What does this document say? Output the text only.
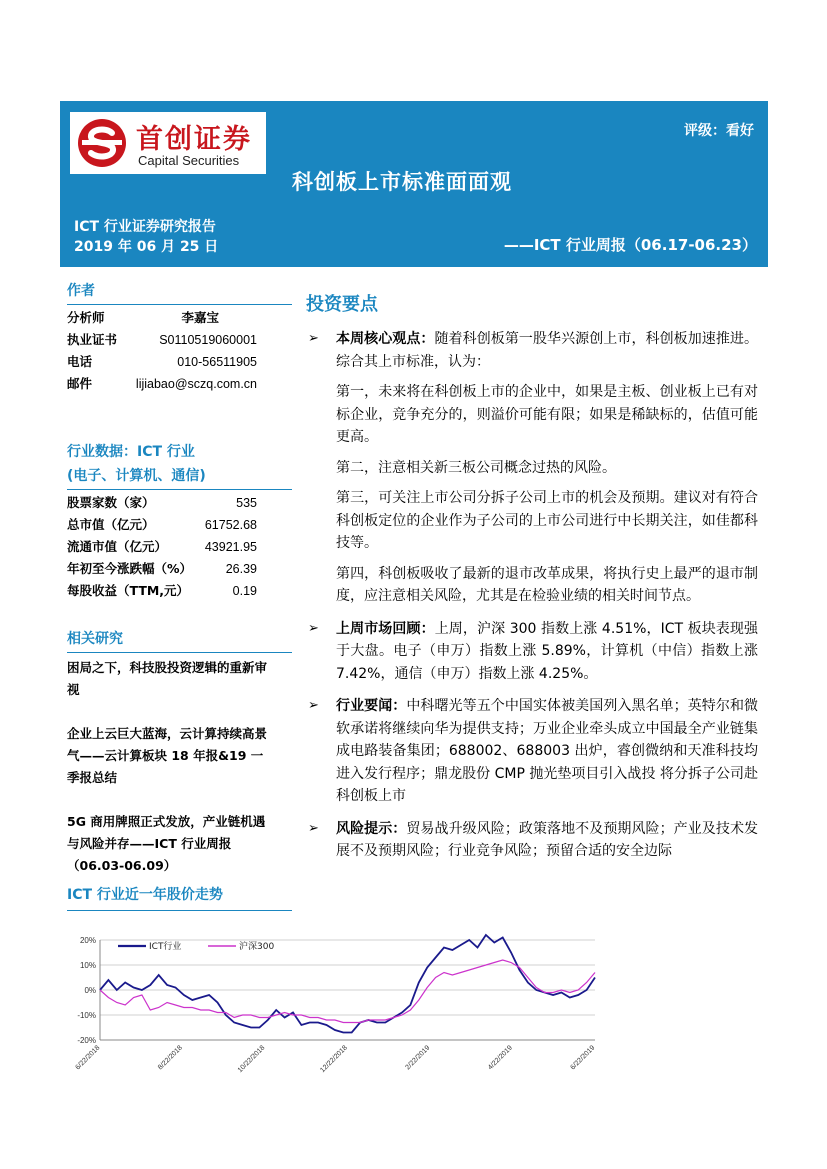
首创证券
Capital Securities
评级：看好
科创板上市标准面面观
ICT 行业证券研究报告
2019 年 06 月 25 日	——ICT 行业周报（06.17-06.23）
作者
分析师	李嘉宝
执业证书	S0110519060001
电话	010-56511905
邮件	lijiabao@sczq.com.cn
行业数据：ICT 行业
(电子、计算机、通信)
股票家数（家）	535
总市值（亿元）	61752.68
流通市值（亿元）	43921.95
年初至今涨跌幅（%）	26.39
每股收益（TTM,元）	0.19
相关研究
困局之下，科技股投资逻辑的重新审视
企业上云巨大蓝海，云计算持续高景气——云计算板块 18 年报&19 一季报总结
5G 商用牌照正式发放，产业链机遇与风险并存——ICT 行业周报（06.03-06.09）
投资要点
➢ 本周核心观点：随着科创板第一股华兴源创上市，科创板加速推进。综合其上市标准，认为：
第一，未来将在科创板上市的企业中，如果是主板、创业板上已有对标企业，竞争充分的，则溢价可能有限；如果是稀缺标的，估值可能更高。
第二，注意相关新三板公司概念过热的风险。
第三，可关注上市公司分拆子公司上市的机会及预期。建议对有符合科创板定位的企业作为子公司的上市公司进行中长期关注，如佳都科技等。
第四，科创板吸收了最新的退市改革成果，将执行史上最严的退市制度，应注意相关风险，尤其是在检验业绩的相关时间节点。
➢ 上周市场回顾：上周，沪深 300 指数上涨 4.51%，ICT 板块表现强于大盘。电子（申万）指数上涨 5.89%，计算机（中信）指数上涨 7.42%，通信（申万）指数上涨 4.25%。
➢ 行业要闻：中科曙光等五个中国实体被美国列入黑名单；英特尔和微软承诺将继续向华为提供支持；万业企业牵头成立中国最全产业链集成电路装备集团；688002、688003 出炉，睿创微纳和天准科技均进入发行程序；鼎龙股份 CMP 抛光垫项目引入战投 将分拆子公司赴科创板上市
➢ 风险提示：贸易战升级风险；政策落地不及预期风险；产业及技术发展不及预期风险；行业竞争风险；预留合适的安全边际
ICT 行业近一年股价走势
20%
10%
0%
-10%
-20%
6/22/2018	8/22/2018	10/22/2018	12/22/2018	2/22/2019	4/22/2019	6/22/2019
ICT行业	沪深300
